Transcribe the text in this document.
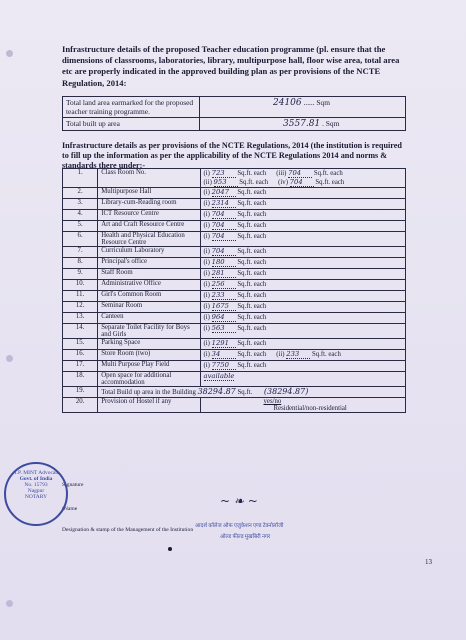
Infrastructure details of the proposed Teacher education programme (pl. ensure that the dimensions of classrooms, laboratories, library, multipurpose hall, floor wise area, total area etc are properly indicated in the approved building plan as per provisions of the NCTE Regulation, 2014:
Total land area earmarked for the proposed teacher training programme.	24106 ...... Sqm
Total built up area	3557.81 . Sqm
Infrastructure details as per provisions of the NCTE Regulations, 2014 (the institution is required to fill up the information as per the applicability of the NCTE Regulations 2014 and norms & standards there under:-
1.	Class Room No.	(i) 723 Sq.ft. each (iii) 704 Sq.ft. each
(ii) 953 Sq.ft. each (iv) 704 Sq.ft. each

2.	Multipurpose Hall	(i) 2047 Sq.ft. each
3.	Library-cum-Reading room	(i) 2314 Sq.ft. each
4.	ICT Resource Centre	(i) 704 Sq.ft. each
5.	Art and Craft Resource Centre	(i) 704 Sq.ft. each
6.	Health and Physical Education Resource Centre	(i) 704 Sq.ft. each
7.	Curriculum Laboratory	(i) 704 Sq.ft. each
8.	Principal's office	(i) 180 Sq.ft. each
9.	Staff Room	(i) 281 Sq.ft. each
10.	Administrative Office	(i) 256 Sq.ft. each
11.	Girl's Common Room	(i) 233 Sq.ft. each
12.	Seminar Room	(i) 1675 Sq.ft. each
13.	Canteen	(i) 964 Sq.ft. each
14.	Separate Toilet Facility for Boys and Girls	(i) 563 Sq.ft. each
15.	Parking Space	(i) 1291 Sq.ft. each
16.	Store Room (two)	(i) 34 Sq.ft. each (ii) 233 Sq.ft. each

17.	Multi Purpose Play Field	(i) 7750 Sq.ft. each
18.	Open space for additional accommodation	available
19.	Total Build up area in the Building 38294.87 Sq.ft. (38294.87)	
20.	Provision of Hostel if any	yes/no
Residential/non-residential
Signature
~ ❧ ~
(Name
Designation & stamp of the Management of the Institution
आदर्श कॉलेज ऑफ एजुकेशन एण्ड टेक्नोलॉजी
ओल्ड फील्ड मुखबिरी नगर
A.P. MINT Advocate
Govt. of India
No. 15793
Nagpur
NOTARY
13
